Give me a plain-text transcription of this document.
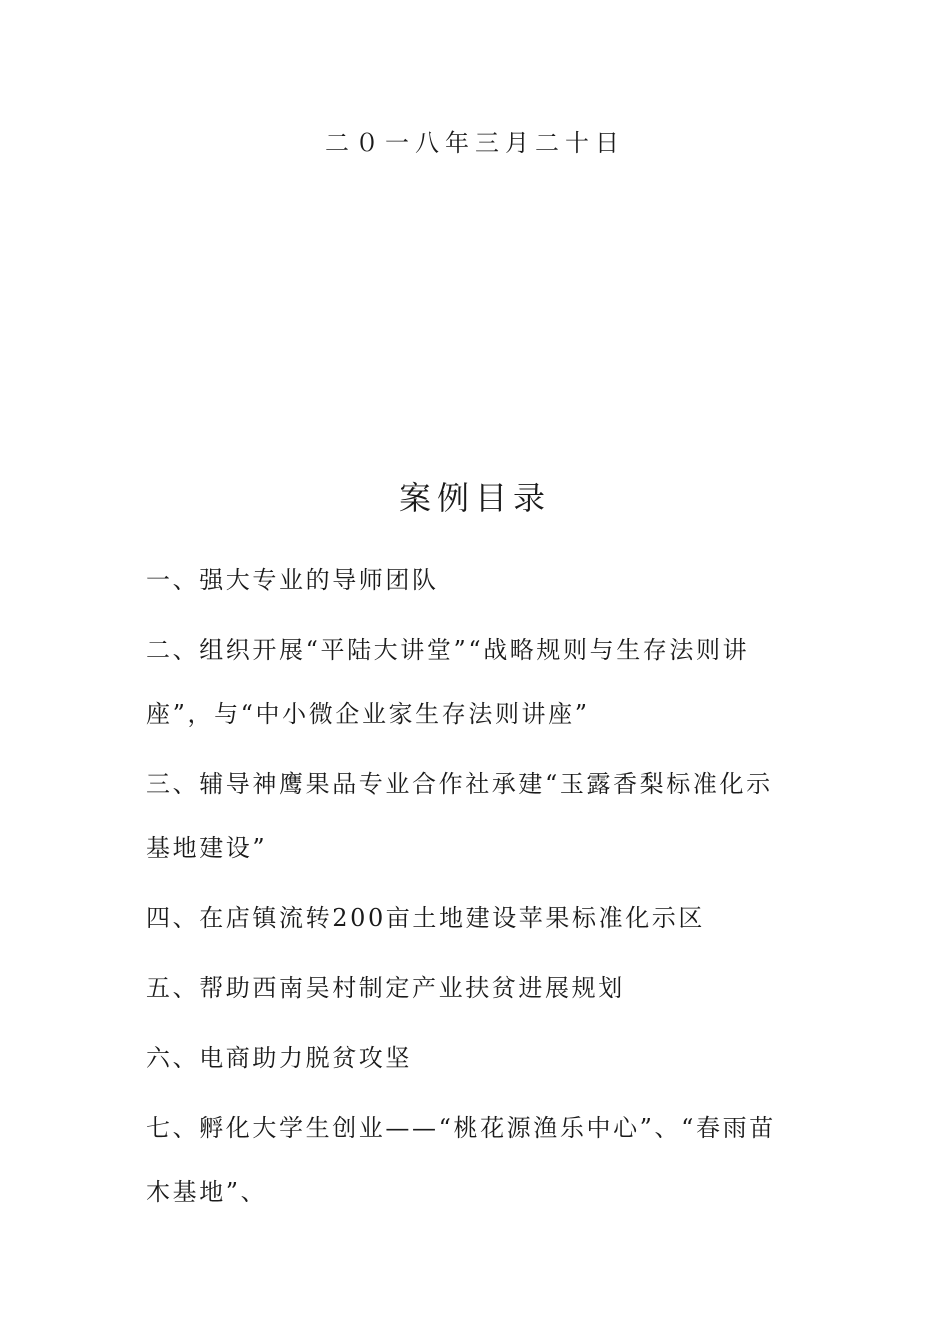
二０一八年三月二十日
案例目录
一、强大专业的导师团队
二、组织开展“平陆大讲堂”“战略规则与生存法则讲座”，与“中小微企业家生存法则讲座”
三、辅导神鹰果品专业合作社承建“玉露香梨标准化示基地建设”
四、在店镇流转200亩土地建设苹果标准化示区
五、帮助西南吴村制定产业扶贫进展规划
六、电商助力脱贫攻坚
七、孵化大学生创业——“桃花源渔乐中心”、“春雨苗木基地”、
